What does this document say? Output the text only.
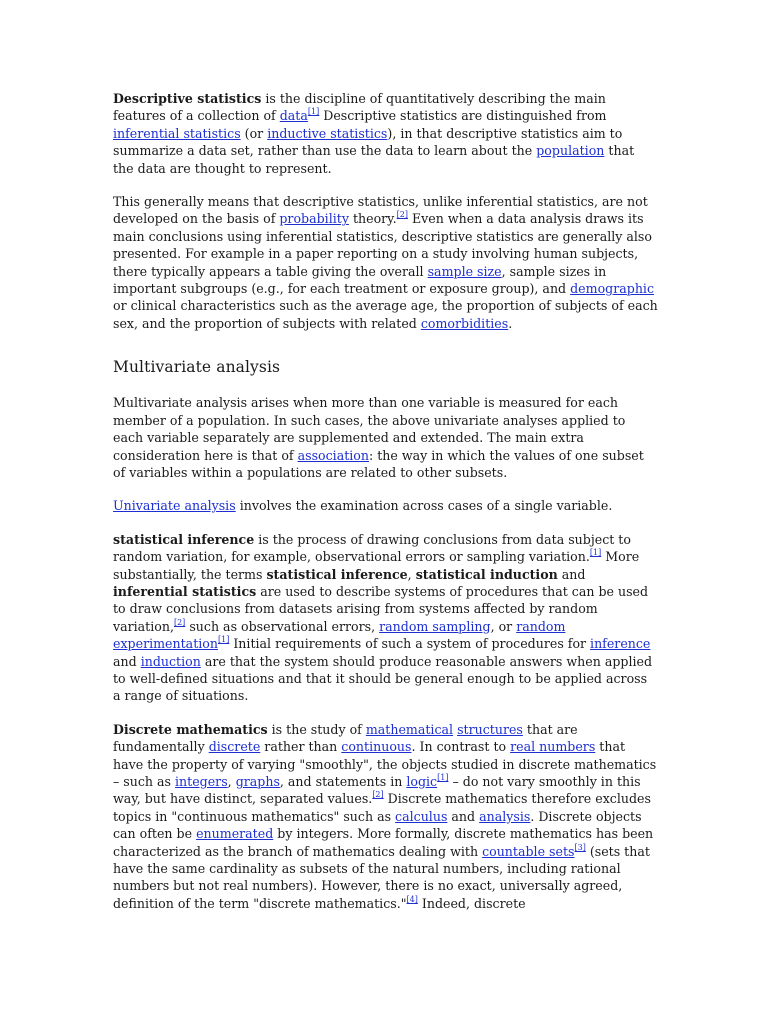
Descriptive statistics is the discipline of quantitatively describing the main features of a collection of data[1] Descriptive statistics are distinguished from inferential statistics (or inductive statistics), in that descriptive statistics aim to summarize a data set, rather than use the data to learn about the population that the data are thought to represent.

This generally means that descriptive statistics, unlike inferential statistics, are not developed on the basis of probability theory.[2] Even when a data analysis draws its main conclusions using inferential statistics, descriptive statistics are generally also presented. For example in a paper reporting on a study involving human subjects, there typically appears a table giving the overall sample size, sample sizes in important subgroups (e.g., for each treatment or exposure group), and demographic or clinical characteristics such as the average age, the proportion of subjects of each sex, and the proportion of subjects with related comorbidities.

Multivariate analysis

Multivariate analysis arises when more than one variable is measured for each member of a population. In such cases, the above univariate analyses applied to each variable separately are supplemented and extended. The main extra consideration here is that of association: the way in which the values of one subset of variables within a populations are related to other subsets.

Univariate analysis involves the examination across cases of a single variable.

statistical inference is the process of drawing conclusions from data subject to random variation, for example, observational errors or sampling variation.[1] More substantially, the terms statistical inference, statistical induction and inferential statistics are used to describe systems of procedures that can be used to draw conclusions from datasets arising from systems affected by random variation,[2] such as observational errors, random sampling, or random experimentation[1] Initial requirements of such a system of procedures for inference and induction are that the system should produce reasonable answers when applied to well-defined situations and that it should be general enough to be applied across a range of situations.

Discrete mathematics is the study of mathematical structures that are fundamentally discrete rather than continuous. In contrast to real numbers that have the property of varying "smoothly", the objects studied in discrete mathematics – such as integers, graphs, and statements in logic[1] – do not vary smoothly in this way, but have distinct, separated values.[2] Discrete mathematics therefore excludes topics in "continuous mathematics" such as calculus and analysis. Discrete objects can often be enumerated by integers. More formally, discrete mathematics has been characterized as the branch of mathematics dealing with countable sets[3] (sets that have the same cardinality as subsets of the natural numbers, including rational numbers but not real numbers). However, there is no exact, universally agreed, definition of the term "discrete mathematics."[4] Indeed, discrete
